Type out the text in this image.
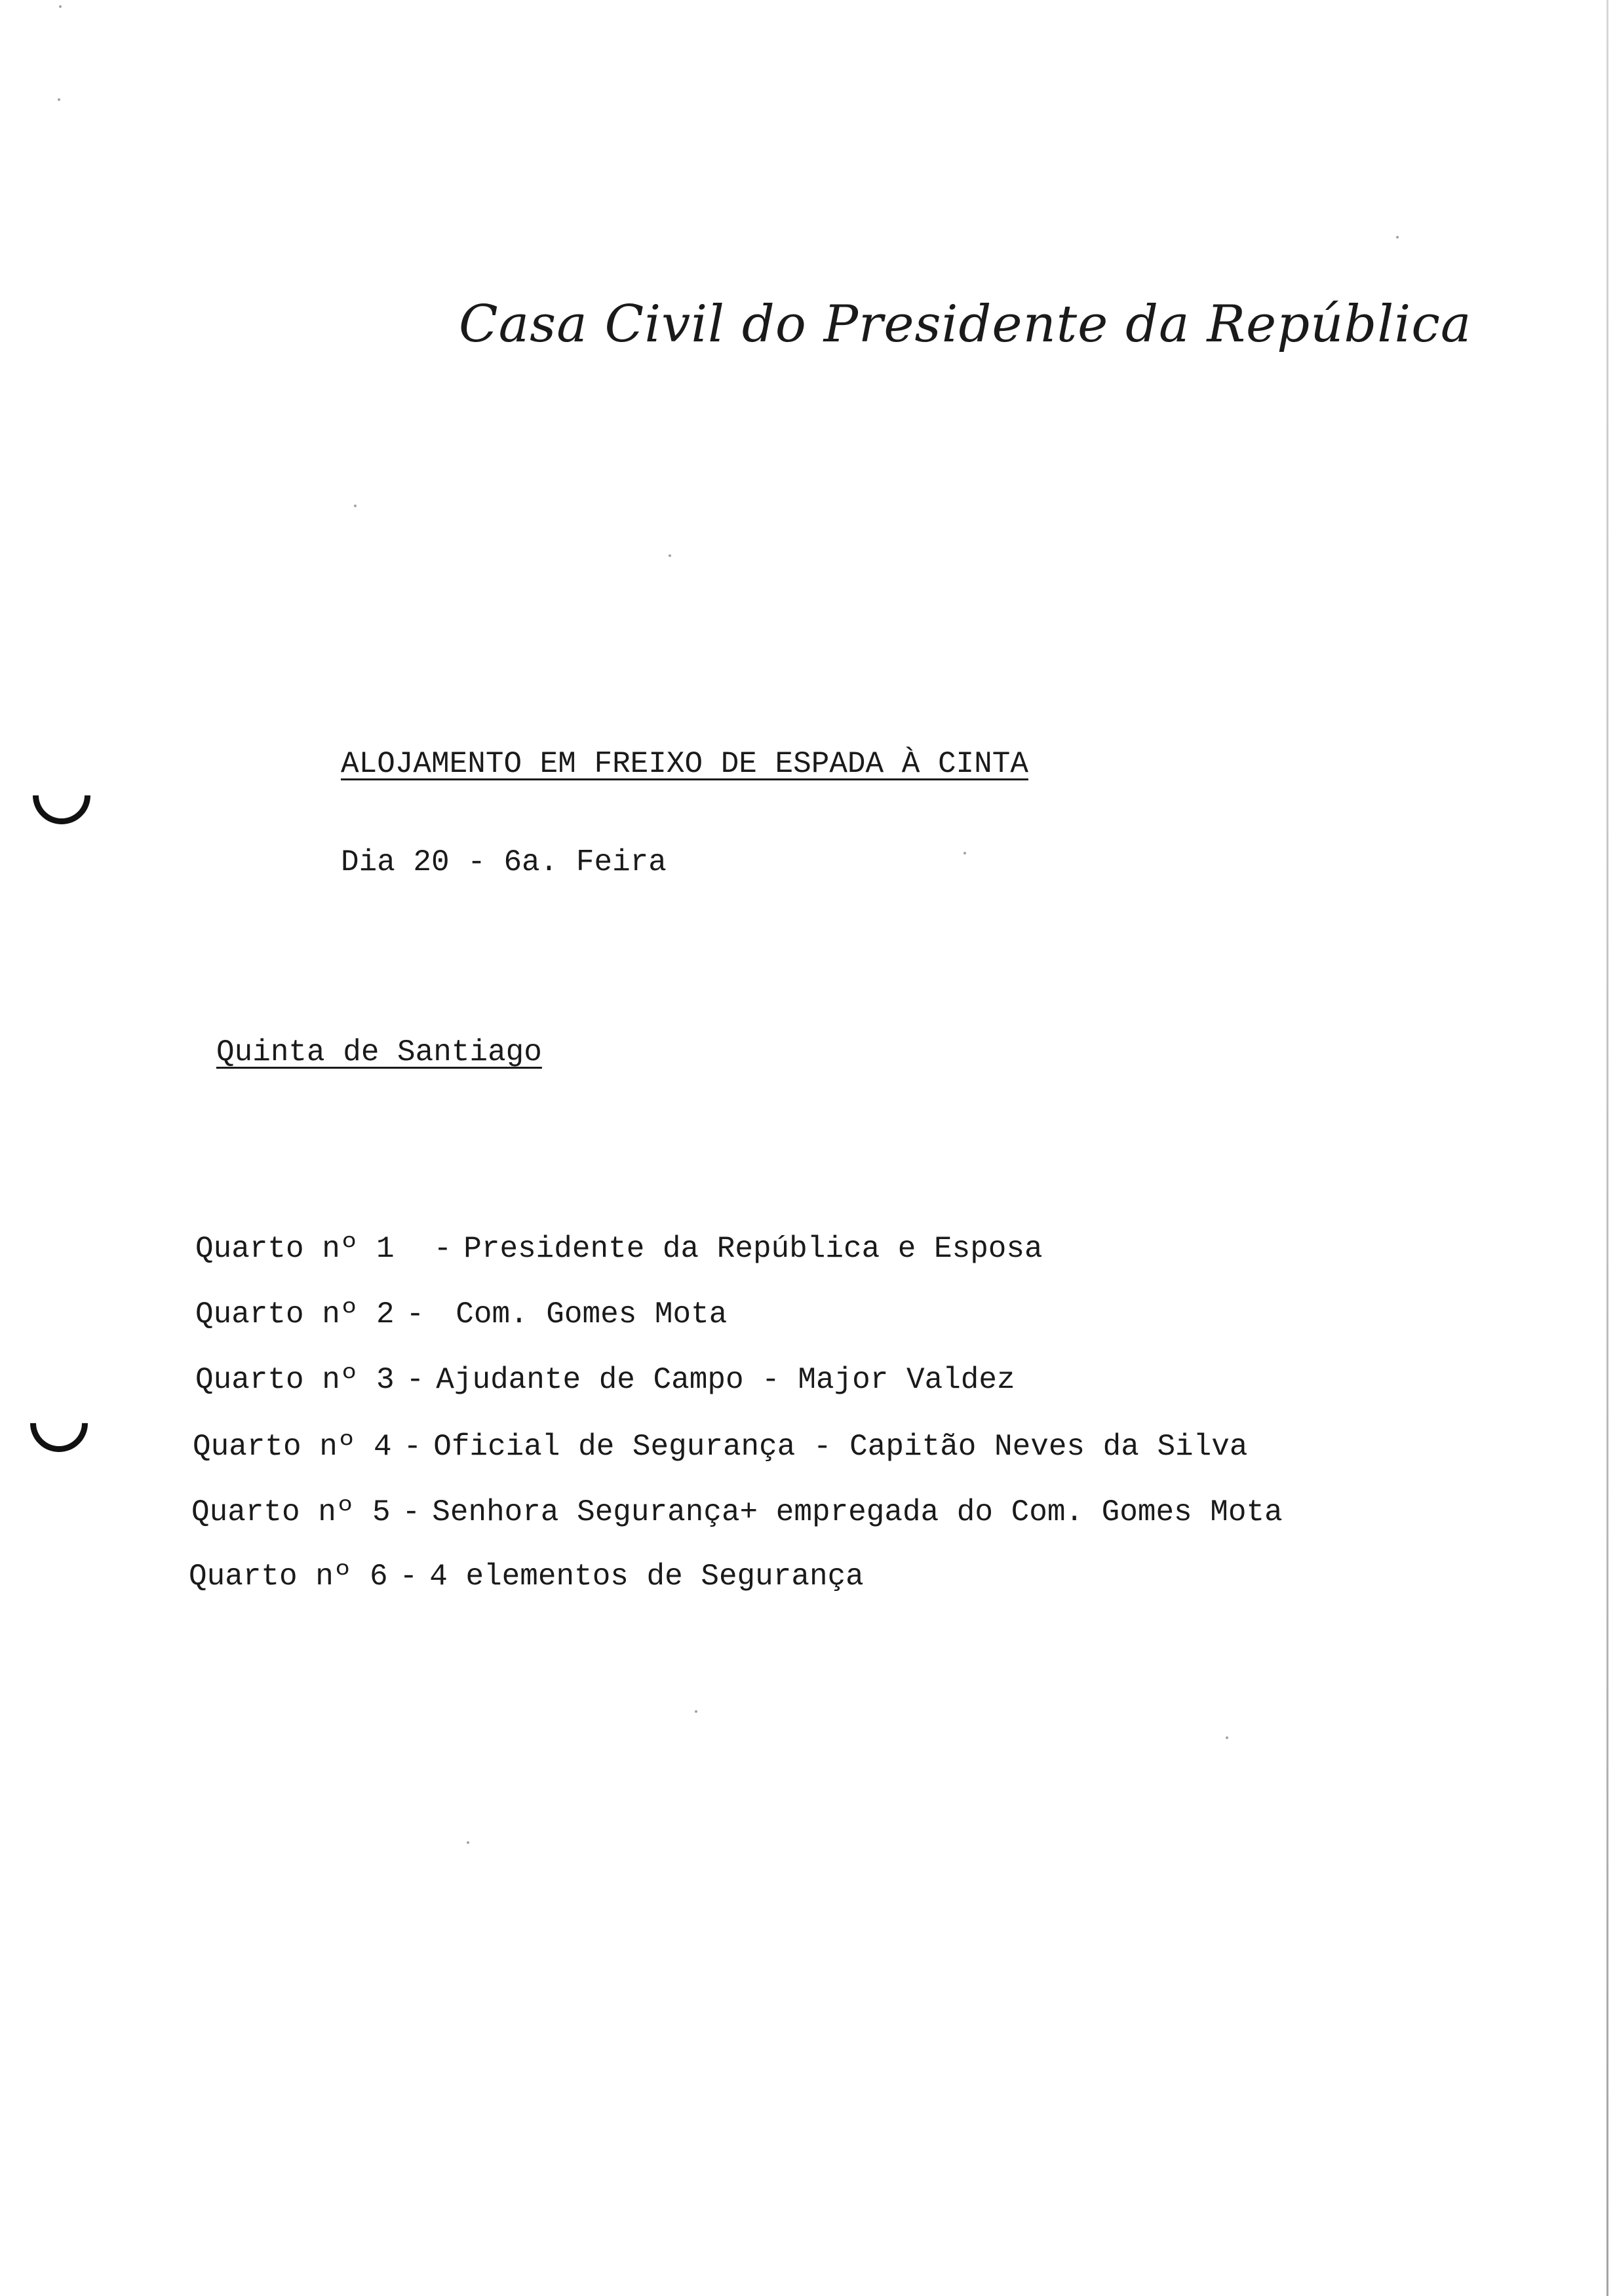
Casa Civil do Presidente da República
ALOJAMENTO EM FREIXO DE ESPADA À CINTA
Dia 20 - 6a. Feira
Quinta de Santiago
Quarto nº 1 - Presidente da República e Esposa
Quarto nº 2 - Com. Gomes Mota
Quarto nº 3 - Ajudante de Campo - Major Valdez
Quarto nº 4 - Oficial de Segurança - Capitão Neves da Silva
Quarto nº 5 - Senhora Segurança+ empregada do Com. Gomes Mota
Quarto nº 6 - 4 elementos de Segurança
